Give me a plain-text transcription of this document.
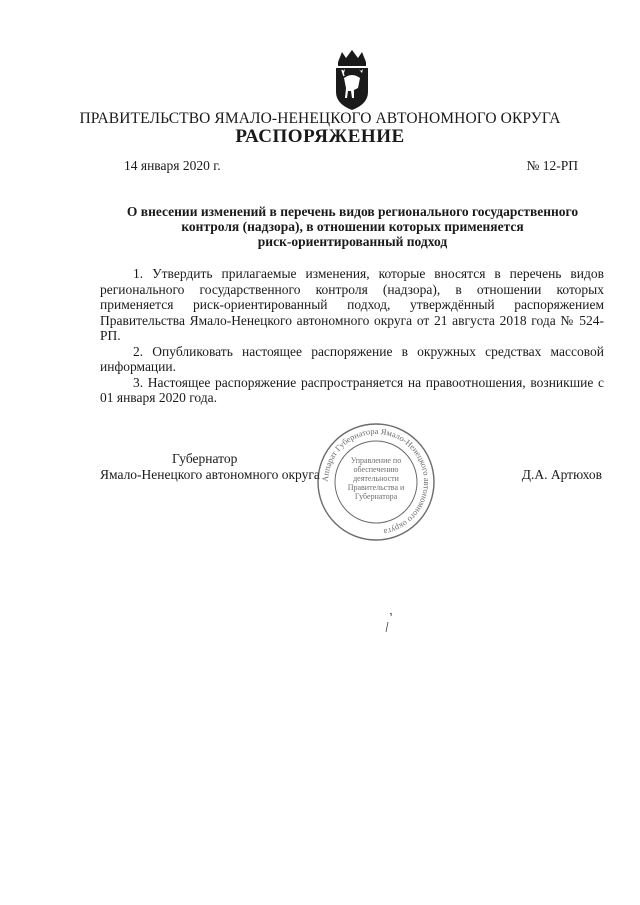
ПРАВИТЕЛЬСТВО ЯМАЛО-НЕНЕЦКОГО АВТОНОМНОГО ОКРУГА
РАСПОРЯЖЕНИЕ
14 января 2020 г.	№ 12-РП
О внесении изменений в перечень видов регионального государственного
контроля (надзора), в отношении которых применяется
риск-ориентированный подход

1. Утвердить прилагаемые изменения, которые вносятся в перечень видов регионального государственного контроля (надзора), в отношении которых применяется риск-ориентированный подход, утверждённый распоряжением Правительства Ямало-Ненецкого автономного округа от 21 августа 2018 года № 524-РП.

2. Опубликовать настоящее распоряжение в окружных средствах массовой информации.

3. Настоящее распоряжение распространяется на правоотношения, возникшие с 01 января 2020 года.

Губернатор
Ямало-Ненецкого автономного округа	Д.А. Артюхов
Аппарат Губернатора Ямало-Ненецкого автономного округа
Управление по обеспечению деятельности Правительства и Губернатора
